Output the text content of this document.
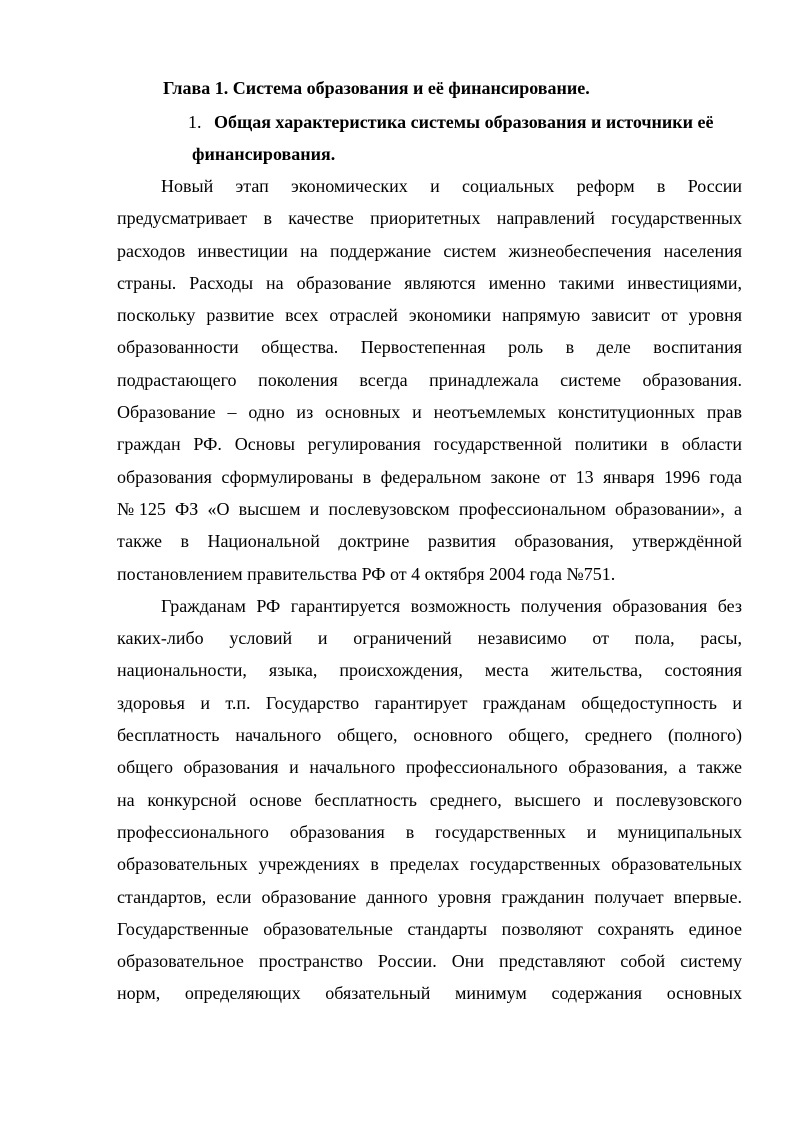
Глава 1. Система образования и её финансирование.
1. Общая характеристика системы образования и источники её
финансирования.

Новый этап экономических и социальных реформ в России
предусматривает в качестве приоритетных направлений государственных
расходов инвестиции на поддержание систем жизнеобеспечения населения
страны. Расходы на образование являются именно такими инвестициями,
поскольку развитие всех отраслей экономики напрямую зависит от уровня
образованности общества. Первостепенная роль в деле воспитания
подрастающего поколения всегда принадлежала системе образования.
Образование – одно из основных и неотъемлемых конституционных прав
граждан РФ. Основы регулирования государственной политики в области
образования сформулированы в федеральном законе от 13 января 1996 года
№125 ФЗ «О высшем и послевузовском профессиональном образовании», а
также в Национальной доктрине развития образования, утверждённой
постановлением правительства РФ от 4 октября 2004 года №751.

Гражданам РФ гарантируется возможность получения образования без
каких-либо условий и ограничений независимо от пола, расы,
национальности, языка, происхождения, места жительства, состояния
здоровья и т.п. Государство гарантирует гражданам общедоступность и
бесплатность начального общего, основного общего, среднего (полного)
общего образования и начального профессионального образования, а также
на конкурсной основе бесплатность среднего, высшего и послевузовского
профессионального образования в государственных и муниципальных
образовательных учреждениях в пределах государственных образовательных
стандартов, если образование данного уровня гражданин получает впервые.
Государственные образовательные стандарты позволяют сохранять единое
образовательное пространство России. Они представляют собой систему
норм, определяющих обязательный минимум содержания основных
